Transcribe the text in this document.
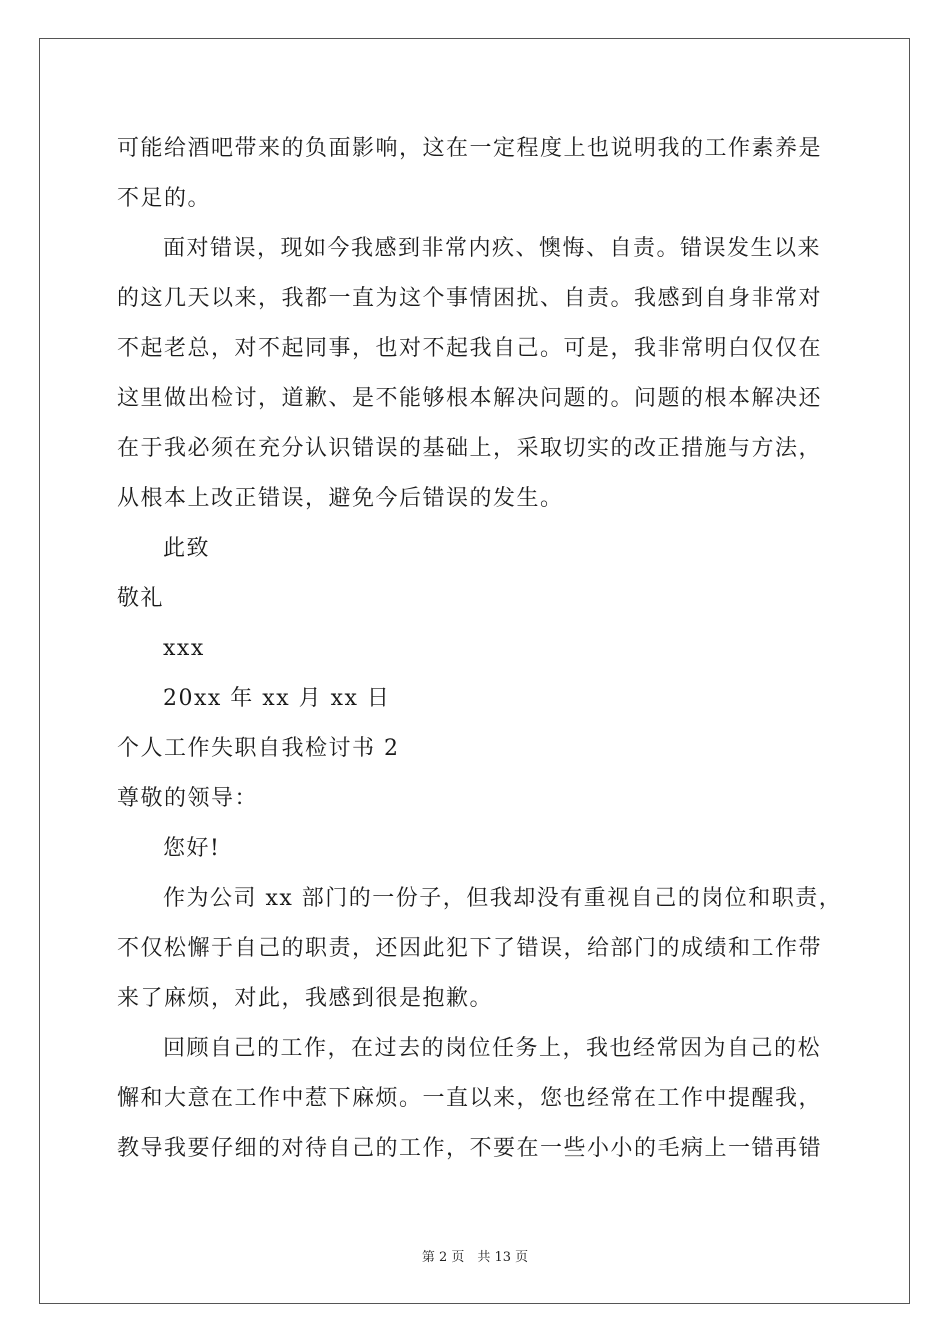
可能给酒吧带来的负面影响，这在一定程度上也说明我的工作素养是
不足的。
面对错误，现如今我感到非常内疚、懊悔、自责。错误发生以来
的这几天以来，我都一直为这个事情困扰、自责。我感到自身非常对
不起老总，对不起同事，也对不起我自己。可是，我非常明白仅仅在
这里做出检讨，道歉、是不能够根本解决问题的。问题的根本解决还
在于我必须在充分认识错误的基础上，采取切实的改正措施与方法，
从根本上改正错误，避免今后错误的发生。
此致
敬礼
xxx
20xx 年 xx 月 xx 日
个人工作失职自我检讨书 2
尊敬的领导：
您好!
作为公司 xx 部门的一份子，但我却没有重视自己的岗位和职责，
不仅松懈于自己的职责，还因此犯下了错误，给部门的成绩和工作带
来了麻烦，对此，我感到很是抱歉。
回顾自己的工作，在过去的岗位任务上，我也经常因为自己的松
懈和大意在工作中惹下麻烦。一直以来，您也经常在工作中提醒我，
教导我要仔细的对待自己的工作，不要在一些小小的毛病上一错再错
第 2 页　共 13 页
